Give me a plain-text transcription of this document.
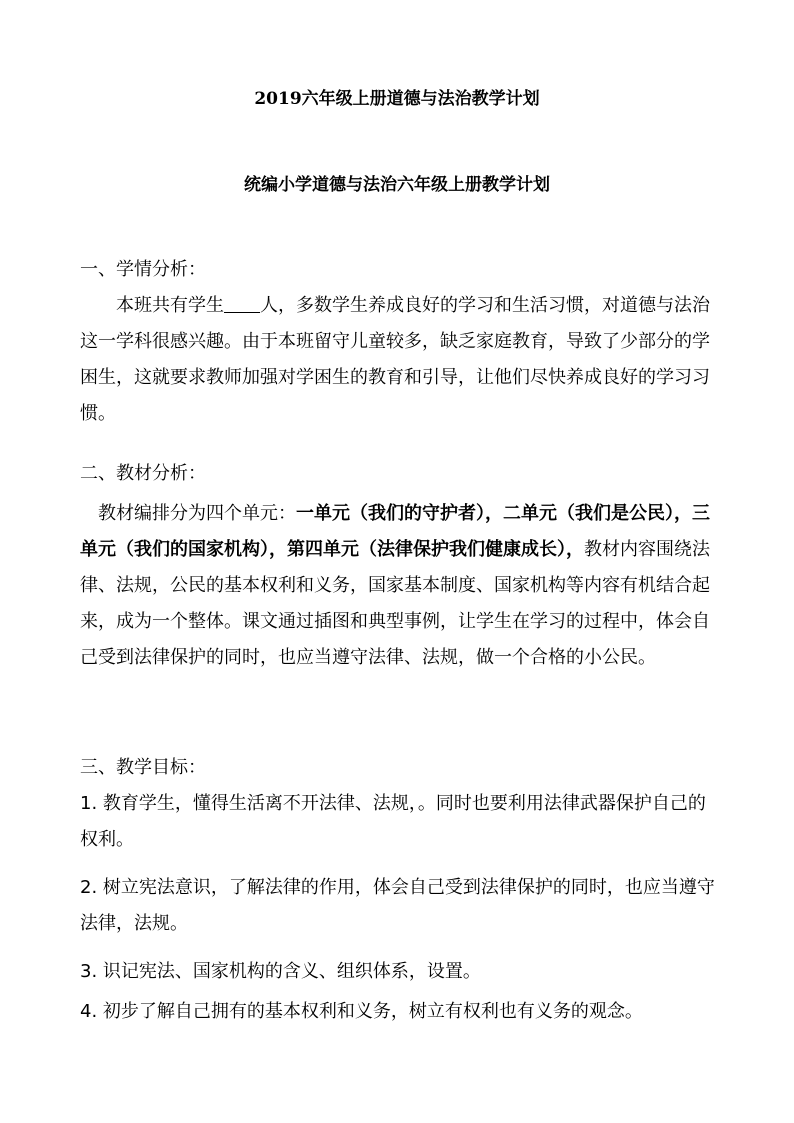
2019六年级上册道德与法治教学计划
统编小学道德与法治六年级上册教学计划

一、学情分析：

本班共有学生 人，多数学生养成良好的学习和生活习惯，对道德与法治这一学科很感兴趣。由于本班留守儿童较多，缺乏家庭教育，导致了少部分的学困生，这就要求教师加强对学困生的教育和引导，让他们尽快养成良好的学习习惯。

二、教材分析：

教材编排分为四个单元：一单元（我们的守护者），二单元（我们是公民），三单元（我们的国家机构），第四单元（法律保护我们健康成长），教材内容围绕法律、法规，公民的基本权利和义务，国家基本制度、国家机构等内容有机结合起来，成为一个整体。课文通过插图和典型事例，让学生在学习的过程中，体会自己受到法律保护的同时，也应当遵守法律、法规，做一个合格的小公民。

三、教学目标：

1. 教育学生，懂得生活离不开法律、法规，。同时也要利用法律武器保护自己的权利。

2. 树立宪法意识，了解法律的作用，体会自己受到法律保护的同时，也应当遵守法律，法规。

3. 识记宪法、国家机构的含义、组织体系，设置。

4. 初步了解自己拥有的基本权利和义务，树立有权利也有义务的观念。
